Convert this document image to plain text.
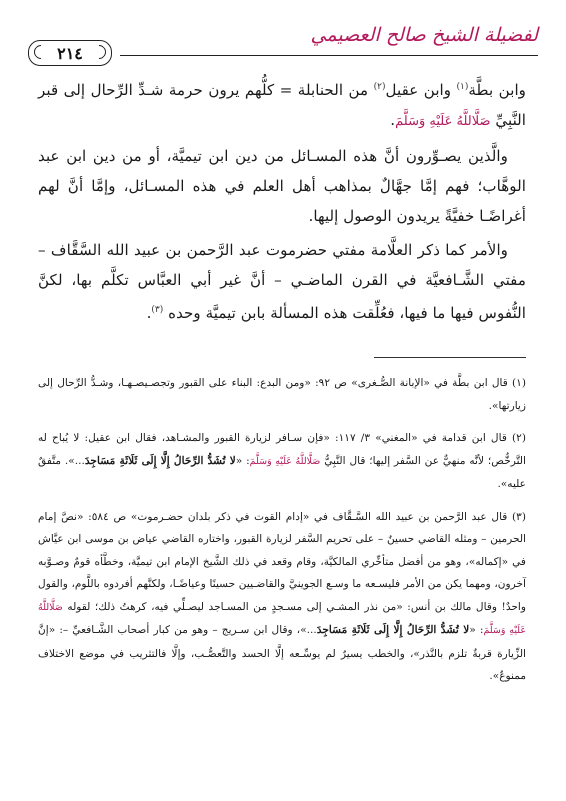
لفضيلة الشيخ صالح العصيمي
٢١٤

وابن بطَّة$^{(١)}$ وابن عقيل$^{(٢)}$ من الحنابلة = كلُّهم يرون حرمة شـدِّ الرِّحال إلى قبر النَّبِيِّ صَلَّاللَّهُ عَلَيْهِ وَسَلَّمَ.

والَّذين يصـوِّرون أنَّ هذه المسـائل من دين ابن تيميَّة، أو من دين ابن عبد الوهَّاب؛ فهم إمَّا جهَّالٌ بمذاهب أهل العلم في هذه المسـائل، وإمَّا أنَّ لهم أغراضًـا خفيَّةً يريدون الوصول إليها.

والأمر كما ذكر العلَّامة مفتي حضرموت عبد الرَّحمن بن عبيد الله السَّقَّاف – مفتي الشَّـافعيَّة في القرن الماضـي – أنَّ غير أبي العبَّاس تكلَّم بها، لكنَّ النُّفوس فيها ما فيها، فعُلِّقت هذه المسألة بابن تيميَّة وحده $^{(٣)}$.

(١) قال ابن بطَّة في «الإبانة الصُّـغرى» ص ٩٢: «ومن البدع: البناء على القبور وتجصـيصـهـا، وشـدُّ الرِّحال إلى زيارتها».

(٢) قال ابن قدامة في «المغني» ٣/ ١١٧: «فإن سـافر لزيارة القبور والمشـاهد، فقال ابن عقيل: لا يُباح له التَّرخُّص؛ لأنَّه منهيٌّ عن السَّفر إليها؛ قال النَّبِيُّ صَلَّاللَّهُ عَلَيْهِ وَسَلَّمَ: «لا تُشَدُّ الرِّحَالُ إِلَّا إِلَى ثَلَاثَةِ مَسَاجِدَ...». متَّفقٌ عليه».

(٣) قال عبد الرَّحمن بن عبيد الله السَّـقَّاف في «إدام القوت في ذكر بلدان حضـرموت» ص ٥٨٤: «نصَّ إمام الحرمين – ومثله القاضي حسينٌ – على تحريم السَّفر لزيارة القبور، واختاره القاضي عياض بن موسى ابن عيَّاش في «إكماله»، وهو من أفضل متأخِّري المالكيَّة، وقام وقعد في ذلك الشَّيخ الإمام ابن تيميَّة، وخطَّأه قومٌ وصـوَّبه آخرون، ومهما يكن من الأمر فليسـعه ما وسـع الجوينيَّ والقاضـيين حسينًا وعياضًـا، ولكنَّهم أفردوه باللَّوم، والقول واحدٌ! وقال مالك بن أنس: «من نذر المشـي إلى مسـجدٍ من المسـاجد ليصـلِّي فيه، كرهتُ ذلك؛ لقوله صَلَّاللَّهُ عَلَيْهِ وَسَلَّمَ: «لا تُشَدُّ الرِّحَالُ إِلَّا إِلَى ثَلَاثَةِ مَسَاجِدَ...»، وقال ابن سـريج – وهو من كبار أصحاب الشَّـافعيِّ –: «إنَّ الزِّيارة قربةٌ تلزم بالنَّذر»، والخطب يسيرٌ لم يوسِّـعه إلَّا الحسد والتَّعصُّـب، وإلَّا فالتثريب في موضع الاختلاف ممنوعٌ».
